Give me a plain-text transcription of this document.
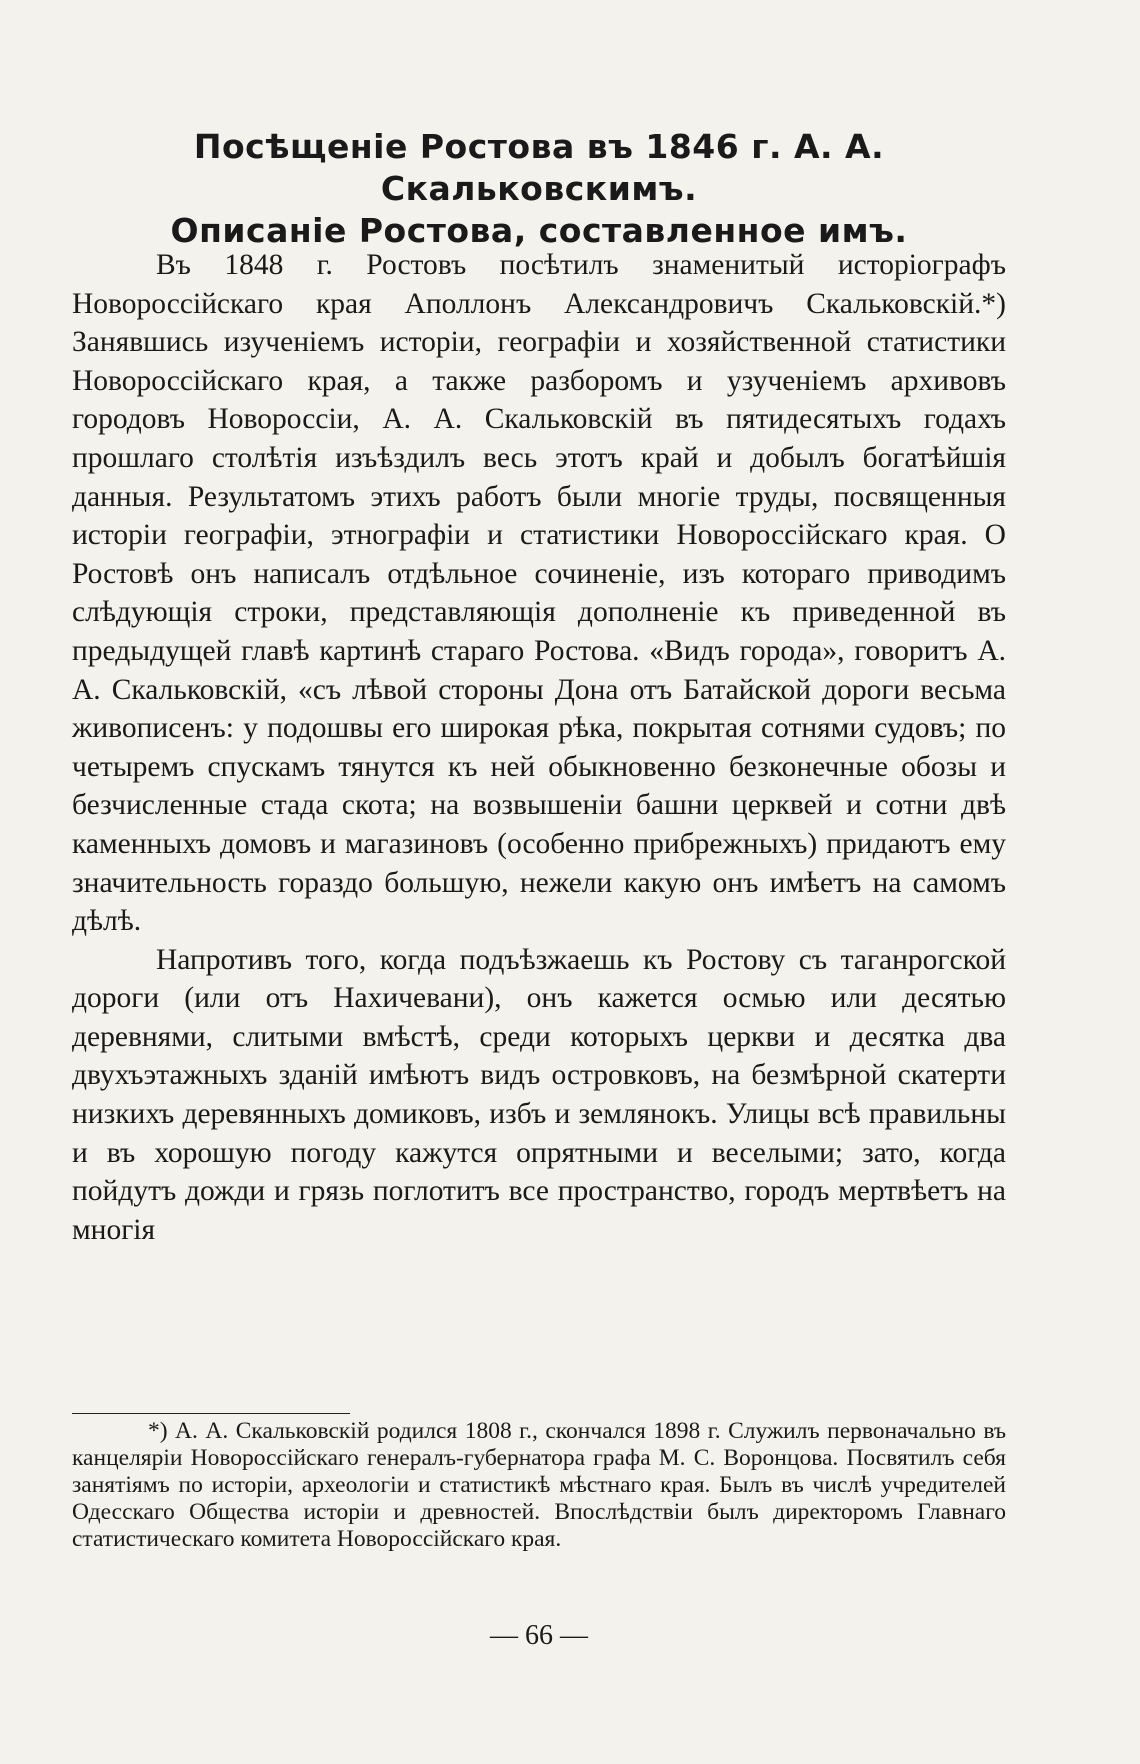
Посѣщеніе Ростова въ 1846 г. А. А. Скальковскимъ.
Описаніе Ростова, составленное имъ.

Въ 1848 г. Ростовъ посѣтилъ знаменитый исторіографъ Новороссійскаго края Аполлонъ Александровичъ Скальковскій.*) Занявшись изученіемъ исторіи, географіи и хозяйственной статистики Новороссійскаго края, а также разборомъ и узученіемъ архивовъ городовъ Новороссіи, А. А. Скальковскій въ пятидесятыхъ годахъ прошлаго столѣтія изъѣздилъ весь этотъ край и добылъ богатѣйшія данныя. Результатомъ этихъ работъ были многіе труды, посвященныя исторіи географіи, этнографіи и статистики Новороссійскаго края. О Ростовѣ онъ написалъ отдѣльное сочиненіе, изъ котораго приводимъ слѣдующія строки, представляющія дополненіе къ приведенной въ предыдущей главѣ картинѣ стараго Ростова. «Видъ города», говоритъ А. А. Скальковскій, «съ лѣвой стороны Дона отъ Батайской дороги весьма живописенъ: у подошвы его широкая рѣка, покрытая сотнями судовъ; по четыремъ спускамъ тянутся къ ней обыкновенно безконечные обозы и безчисленные стада скота; на возвышеніи башни церквей и сотни двѣ каменныхъ домовъ и магазиновъ (особенно прибрежныхъ) придаютъ ему значительность гораздо большую, нежели какую онъ имѣетъ на самомъ дѣлѣ.

Напротивъ того, когда подъѣзжаешь къ Ростову съ таганрогской дороги (или отъ Нахичевани), онъ кажется осмью или десятью деревнями, слитыми вмѣстѣ, среди которыхъ церкви и десятка два двухъэтажныхъ зданій имѣютъ видъ островковъ, на безмѣрной скатерти низкихъ деревянныхъ домиковъ, избъ и землянокъ. Улицы всѣ правильны и въ хорошую погоду кажутся опрятными и веселыми; зато, когда пойдутъ дожди и грязь поглотитъ все пространство, городъ мертвѣетъ на многія

*) А. А. Скальковскій родился 1808 г., скончался 1898 г. Служилъ первоначально въ канцеляріи Новороссійскаго генералъ-губернатора графа М. С. Воронцова. Посвятилъ себя занятіямъ по исторіи, археологіи и статистикѣ мѣстнаго края. Былъ въ числѣ учредителей Одесскаго Общества исторіи и древностей. Впослѣдствіи былъ директоромъ Главнаго статистическаго комитета Новороссійскаго края.

— 66 —
